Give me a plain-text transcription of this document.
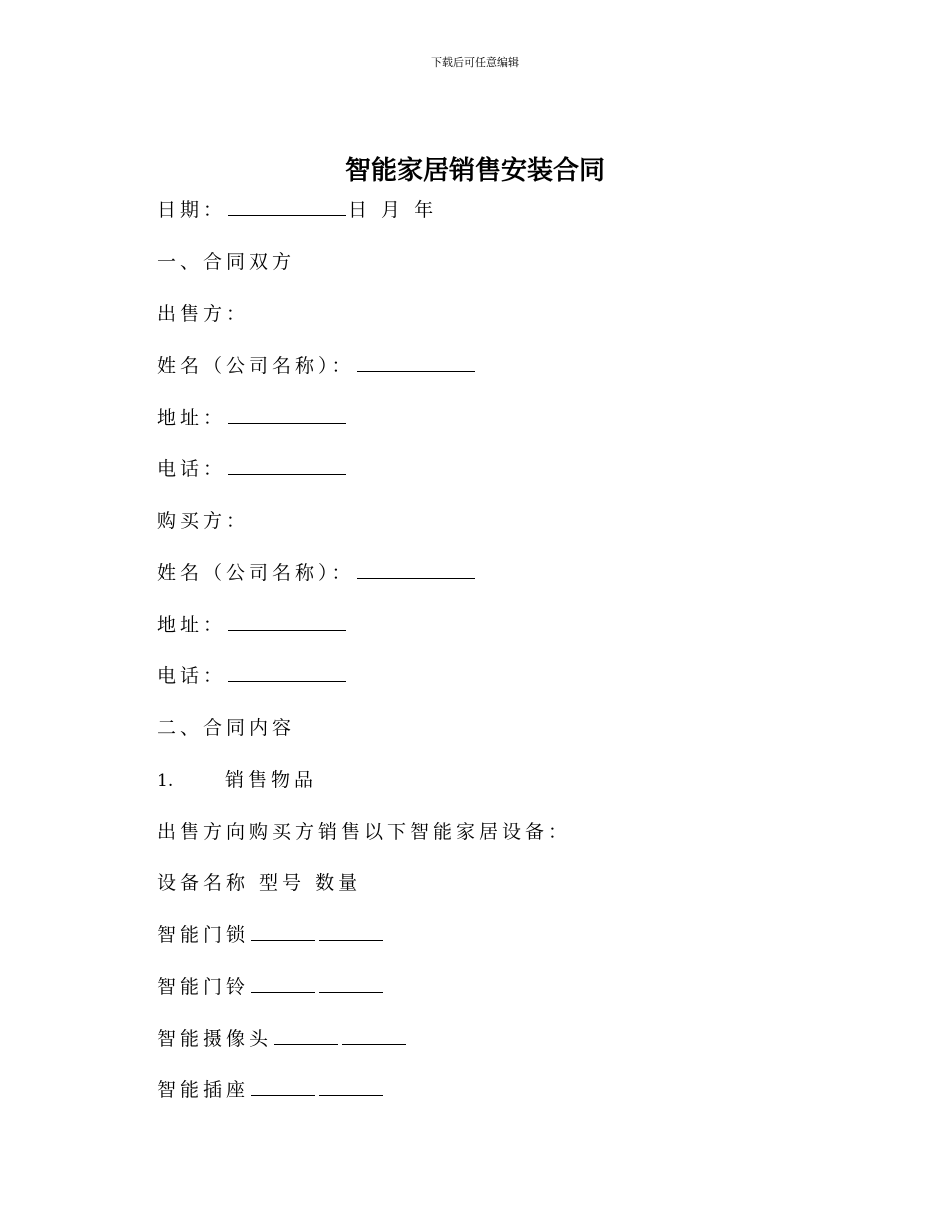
下载后可任意编辑
智能家居销售安装合同
日期：	日 月 年
一、合同双方
出售方：
姓名（公司名称）：
地址：
电话：
购买方：
姓名（公司名称）：
地址：
电话：
二、合同内容
1.	销售物品
出售方向购买方销售以下智能家居设备：
设备名称 型号 数量
智能门锁
智能门铃
智能摄像头
智能插座
